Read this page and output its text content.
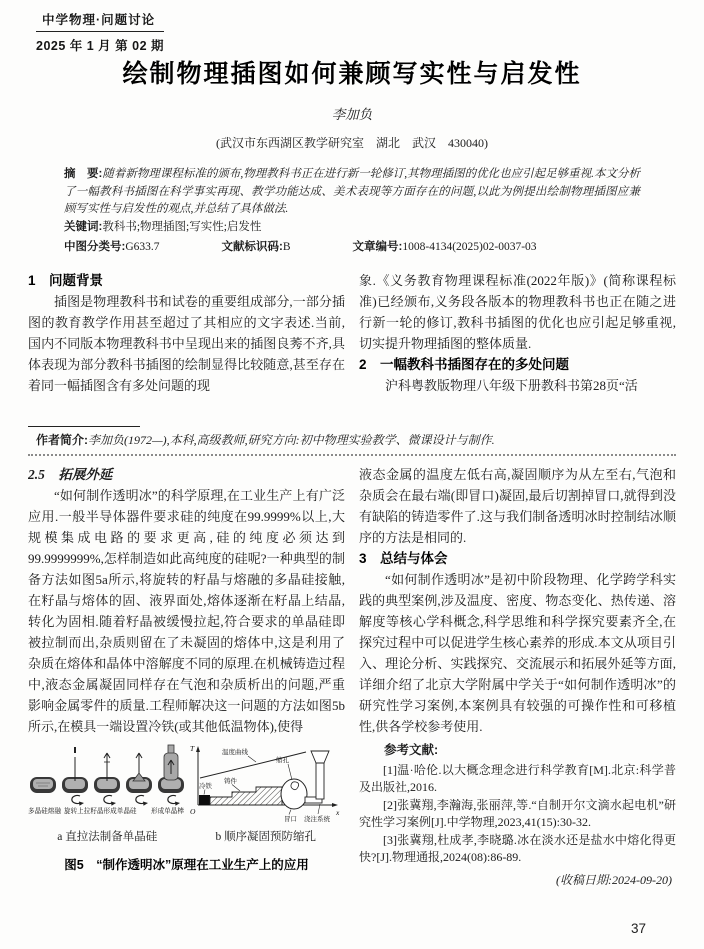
中学物理·问题讨论
2025 年 1 月 第 02 期
绘制物理插图如何兼顾写实性与启发性
李加负
(武汉市东西湖区教学研究室　湖北　武汉　430040)

摘　要:随着新物理课程标准的颁布,物理教科书正在进行新一轮修订,其物理插图的优化也应引起足够重视.本文分析了一幅教科书插图在科学事实再现、教学功能达成、美术表现等方面存在的问题,以此为例提出绘制物理插图应兼顾写实性与启发性的观点,并总结了具体做法.

关键词:教科书;物理插图;写实性;启发性

中图分类号:G633.7	文献标识码:B	文章编号:1008-4134(2025)02-0037-03
1　问题背景

插图是物理教科书和试卷的重要组成部分,一部分插图的教育教学作用甚至超过了其相应的文字表述.当前,国内不同版本物理教科书中呈现出来的插图良莠不齐,具体表现为部分教科书插图的绘制显得比较随意,甚至存在着同一幅插图含有多处问题的现

象.《义务教育物理课程标准(2022年版)》(简称课程标准)已经颁布,义务段各版本的物理教科书也正在随之进行新一轮的修订,教科书插图的优化也应引起足够重视,切实提升物理插图的整体质量.

2　一幅教科书插图存在的多处问题

沪科粤教版物理八年级下册教科书第28页“活

作者简介:李加负(1972—),本科,高级教师,研究方向:初中物理实验教学、微课设计与制作.

2.5　拓展外延

“如何制作透明冰”的科学原理,在工业生产上有广泛应用.一般半导体器件要求硅的纯度在99.9999%以上,大规模集成电路的要求更高,硅的纯度必须达到99.9999999%,怎样制造如此高纯度的硅呢?一种典型的制备方法如图5a所示,将旋转的籽晶与熔融的多晶硅接触,在籽晶与熔体的固、液界面处,熔体逐渐在籽晶上结晶,转化为固相.随着籽晶被缓慢拉起,符合要求的单晶硅即被拉制而出,杂质则留在了未凝固的熔体中,这是利用了杂质在熔体和晶体中溶解度不同的原理.在机械铸造过程中,液态金属凝固同样存在气泡和杂质析出的问题,严重影响金属零件的质量.工程师解决这一问题的方法如图5b所示,在模具一端设置冷铁(或其他低温物体),使得

多晶硅熔融 旋转上拉籽晶形成单晶硅 形成单晶棒
T
x
O
温度曲线
冷铁
铸件
缩孔
冒口 浇注系统
a 直拉法制备单晶硅	b 顺序凝固预防缩孔
图5　“制作透明冰”原理在工业生产上的应用

液态金属的温度左低右高,凝固顺序为从左至右,气泡和杂质会在最右端(即冒口)凝固,最后切割掉冒口,就得到没有缺陷的铸造零件了.这与我们制备透明冰时控制结冰顺序的方法是相同的.

3　总结与体会

“如何制作透明冰”是初中阶段物理、化学跨学科实践的典型案例,涉及温度、密度、物态变化、热传递、溶解度等核心学科概念,科学思维和科学探究要素齐全,在探究过程中可以促进学生核心素养的形成.本文从项目引入、理论分析、实践探究、交流展示和拓展外延等方面,详细介绍了北京大学附属中学关于“如何制作透明冰”的研究性学习案例,本案例具有较强的可操作性和可移植性,供各学校参考使用.

参考文献:

[1]温·哈伦.以大概念理念进行科学教育[M].北京:科学普及出版社,2016.

[2]张冀翔,李瀚海,张丽萍,等.“自制开尔文滴水起电机”研究性学习案例[J].中学物理,2023,41(15):30-32.

[3]张冀翔,杜成孝,李晓璐.冰在淡水还是盐水中熔化得更快?[J].物理通报,2024(08):86-89.

(收稿日期:2024-09-20)

37
